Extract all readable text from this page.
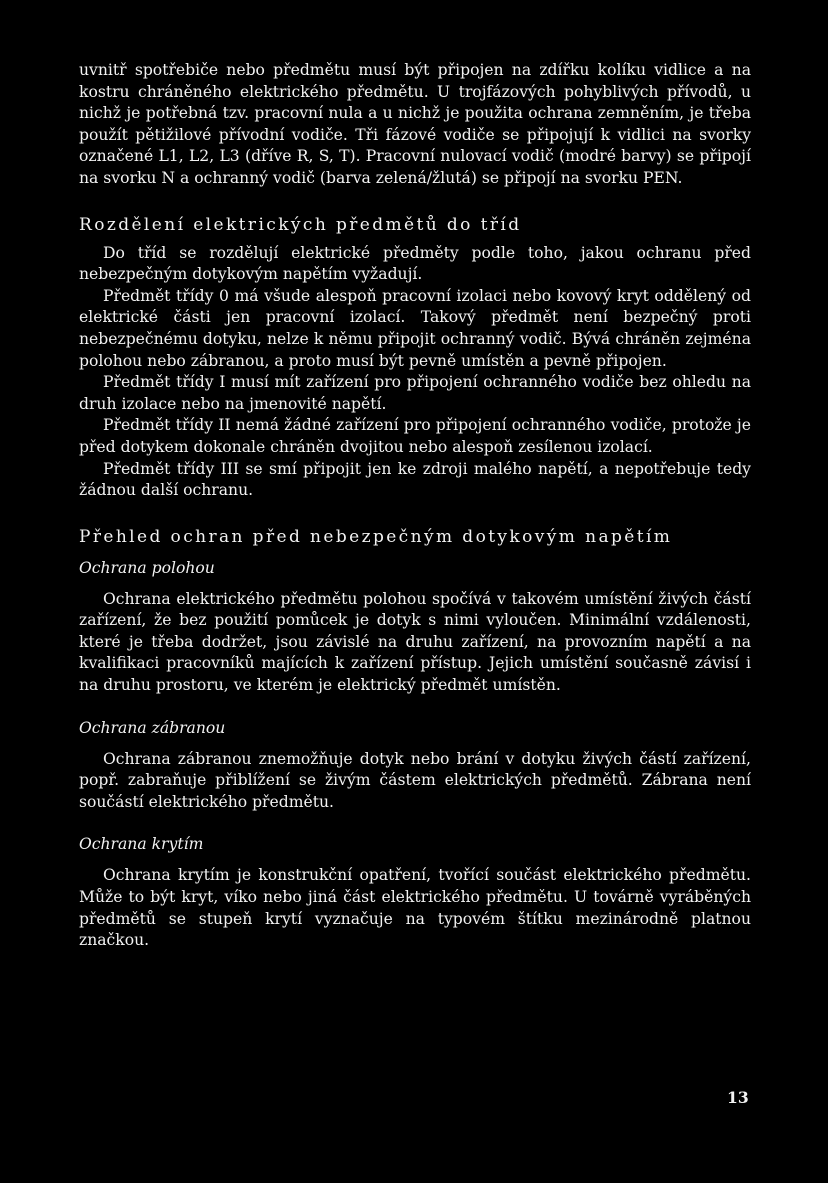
uvnitř spotřebiče nebo předmětu musí být připojen na zdířku kolíku vidlice a na kostru chráněného elektrického předmětu. U trojfázových pohyblivých přívodů, u nichž je potřebná tzv. pracovní nula a u nichž je použita ochrana zemněním, je třeba použít pětižilové přívodní vodiče. Tři fázové vodiče se připojují k vidlici na svorky označené L1, L2, L3 (dříve R, S, T). Pracovní nulovací vodič (modré barvy) se připojí na svorku N a ochranný vodič (barva zelená/žlutá) se připojí na svorku PEN.

Rozdělení elektrických předmětů do tříd

Do tříd se rozdělují elektrické předměty podle toho, jakou ochranu před nebezpečným dotykovým napětím vyžadují.

Předmět třídy 0 má všude alespoň pracovní izolaci nebo kovový kryt oddělený od elektrické části jen pracovní izolací. Takový předmět není bezpečný proti nebezpečnému dotyku, nelze k němu připojit ochranný vodič. Bývá chráněn zejména polohou nebo zábranou, a proto musí být pevně umístěn a pevně připojen.

Předmět třídy I musí mít zařízení pro připojení ochranného vodiče bez ohledu na druh izolace nebo na jmenovité napětí.

Předmět třídy II nemá žádné zařízení pro připojení ochranného vodiče, protože je před dotykem dokonale chráněn dvojitou nebo alespoň zesílenou izolací.

Předmět třídy III se smí připojit jen ke zdroji malého napětí, a nepotřebuje tedy žádnou další ochranu.

Přehled ochran před nebezpečným dotykovým napětím
Ochrana polohou

Ochrana elektrického předmětu polohou spočívá v takovém umístění živých částí zařízení, že bez použití pomůcek je dotyk s nimi vyloučen. Minimální vzdálenosti, které je třeba dodržet, jsou závislé na druhu zařízení, na provozním napětí a na kvalifikaci pracovníků majících k zařízení přístup. Jejich umístění současně závisí i na druhu prostoru, ve kterém je elektrický předmět umístěn.

Ochrana zábranou

Ochrana zábranou znemožňuje dotyk nebo brání v dotyku živých částí zařízení, popř. zabraňuje přiblížení se živým částem elektrických předmětů. Zábrana není součástí elektrického předmětu.

Ochrana krytím

Ochrana krytím je konstrukční opatření, tvořící součást elektrického předmětu. Může to být kryt, víko nebo jiná část elektrického předmětu. U továrně vyráběných předmětů se stupeň krytí vyznačuje na typovém štítku mezinárodně platnou značkou.

13
